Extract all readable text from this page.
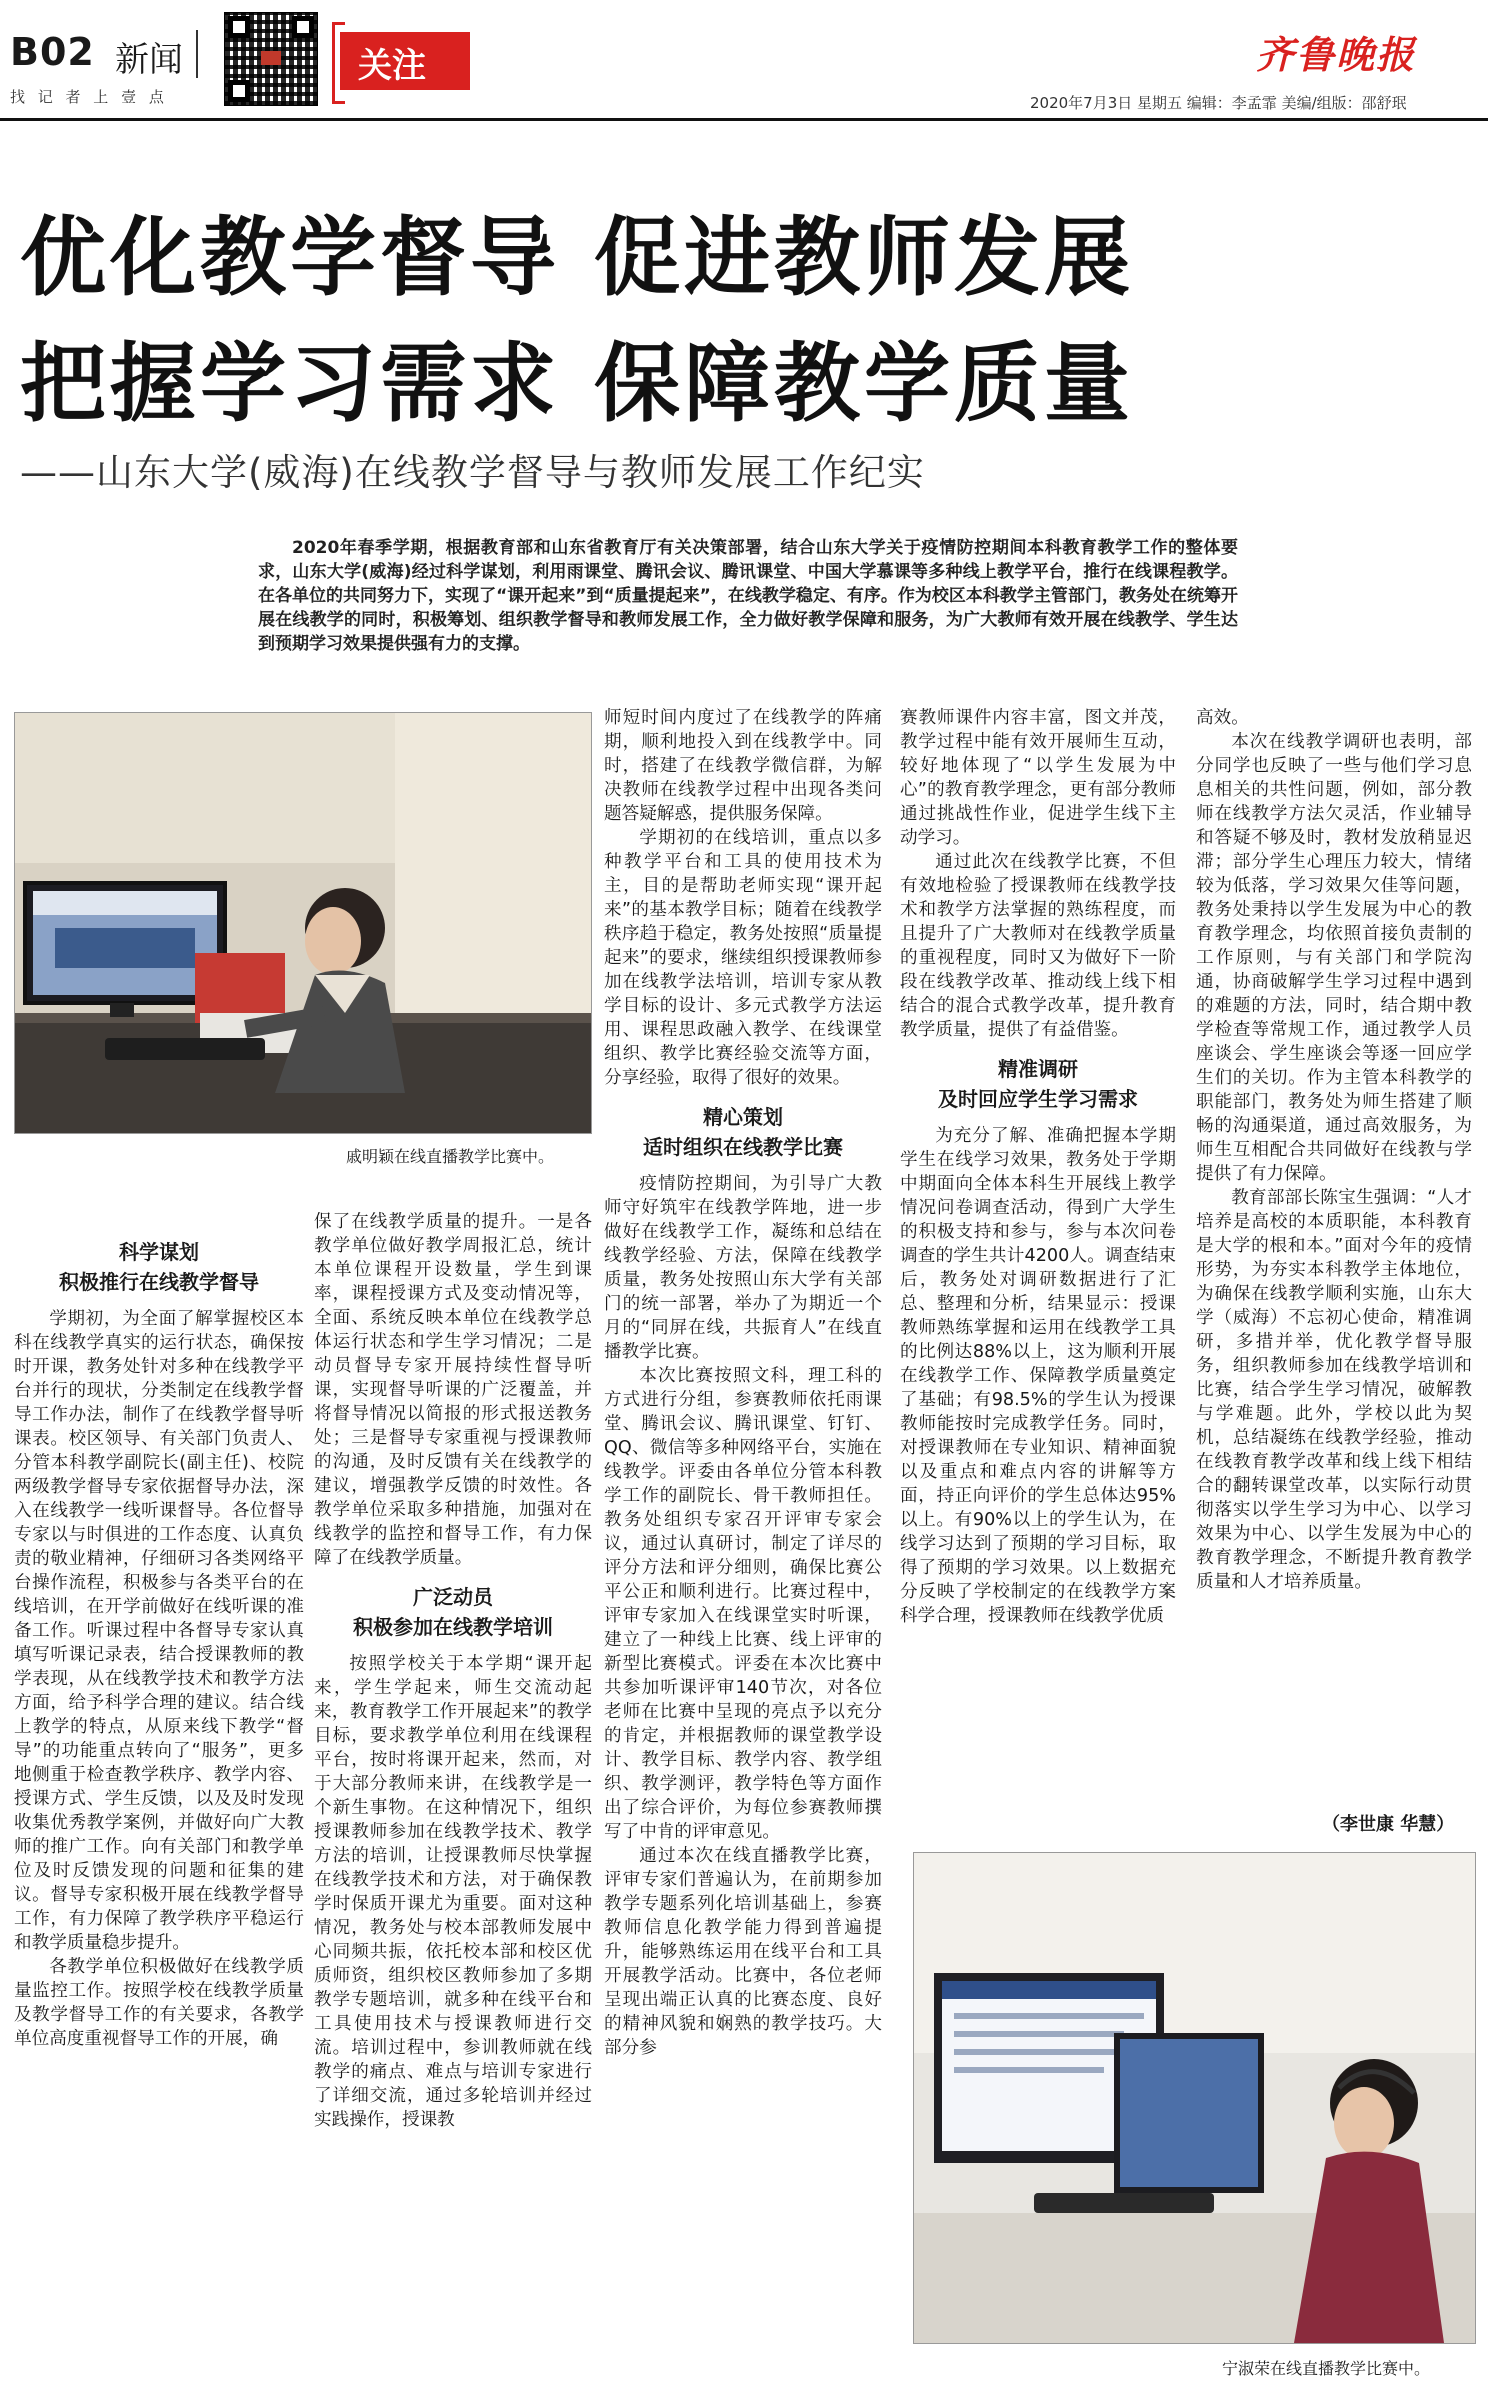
B02 新闻
找 记 者 上 壹 点
关注	齐鲁晚报
2020年7月3日 星期五 编辑：李孟霏 美编/组版：邵舒珉
优化教学督导 促进教师发展
把握学习需求 保障教学质量
——山东大学(威海)在线教学督导与教师发展工作纪实
2020年春季学期，根据教育部和山东省教育厅有关决策部署，结合山东大学关于疫情防控期间本科教育教学工作的整体要求，山东大学(威海)经过科学谋划，利用雨课堂、腾讯会议、腾讯课堂、中国大学慕课等多种线上教学平台，推行在线课程教学。在各单位的共同努力下，实现了“课开起来”到“质量提起来”，在线教学稳定、有序。作为校区本科教学主管部门，教务处在统筹开展在线教学的同时，积极筹划、组织教学督导和教师发展工作，全力做好教学保障和服务，为广大教师有效开展在线教学、学生达到预期学习效果提供强有力的支撑。
戚明颖在线直播教学比赛中。
科学谋划
积极推行在线教学督导

学期初，为全面了解掌握校区本科在线教学真实的运行状态，确保按时开课，教务处针对多种在线教学平台并行的现状，分类制定在线教学督导工作办法，制作了在线教学督导听课表。校区领导、有关部门负责人、分管本科教学副院长(副主任)、校院两级教学督导专家依据督导办法，深入在线教学一线听课督导。各位督导专家以与时俱进的工作态度、认真负责的敬业精神，仔细研习各类网络平台操作流程，积极参与各类平台的在线培训，在开学前做好在线听课的准备工作。听课过程中各督导专家认真填写听课记录表，结合授课教师的教学表现，从在线教学技术和教学方法方面，给予科学合理的建议。结合线上教学的特点，从原来线下教学“督导”的功能重点转向了“服务”，更多地侧重于检查教学秩序、教学内容、授课方式、学生反馈，以及及时发现收集优秀教学案例，并做好向广大教师的推广工作。向有关部门和教学单位及时反馈发现的问题和征集的建议。督导专家积极开展在线教学督导工作，有力保障了教学秩序平稳运行和教学质量稳步提升。

各教学单位积极做好在线教学质量监控工作。按照学校在线教学质量及教学督导工作的有关要求，各教学单位高度重视督导工作的开展，确

保了在线教学质量的提升。一是各教学单位做好教学周报汇总，统计本单位课程开设数量，学生到课率，课程授课方式及变动情况等，全面、系统反映本单位在线教学总体运行状态和学生学习情况；二是动员督导专家开展持续性督导听课，实现督导听课的广泛覆盖，并将督导情况以简报的形式报送教务处；三是督导专家重视与授课教师的沟通，及时反馈有关在线教学的建议，增强教学反馈的时效性。各教学单位采取多种措施，加强对在线教学的监控和督导工作，有力保障了在线教学质量。

广泛动员
积极参加在线教学培训

按照学校关于本学期“课开起来，学生学起来，师生交流动起来，教育教学工作开展起来”的教学目标，要求教学单位利用在线课程平台，按时将课开起来，然而，对于大部分教师来讲，在线教学是一个新生事物。在这种情况下，组织授课教师参加在线教学技术、教学方法的培训，让授课教师尽快掌握在线教学技术和方法，对于确保教学时保质开课尤为重要。面对这种情况，教务处与校本部教师发展中心同频共振，依托校本部和校区优质师资，组织校区教师参加了多期教学专题培训，就多种在线平台和工具使用技术与授课教师进行交流。培训过程中，参训教师就在线教学的痛点、难点与培训专家进行了详细交流，通过多轮培训并经过实践操作，授课教

师短时间内度过了在线教学的阵痛期，顺利地投入到在线教学中。同时，搭建了在线教学微信群，为解决教师在线教学过程中出现各类问题答疑解惑，提供服务保障。

学期初的在线培训，重点以多种教学平台和工具的使用技术为主，目的是帮助老师实现“课开起来”的基本教学目标；随着在线教学秩序趋于稳定，教务处按照“质量提起来”的要求，继续组织授课教师参加在线教学法培训，培训专家从教学目标的设计、多元式教学方法运用、课程思政融入教学、在线课堂组织、教学比赛经验交流等方面，分享经验，取得了很好的效果。

精心策划
适时组织在线教学比赛

疫情防控期间，为引导广大教师守好筑牢在线教学阵地，进一步做好在线教学工作，凝练和总结在线教学经验、方法，保障在线教学质量，教务处按照山东大学有关部门的统一部署，举办了为期近一个月的“同屏在线，共振育人”在线直播教学比赛。

本次比赛按照文科，理工科的方式进行分组，参赛教师依托雨课堂、腾讯会议、腾讯课堂、钉钉、QQ、微信等多种网络平台，实施在线教学。评委由各单位分管本科教学工作的副院长、骨干教师担任。教务处组织专家召开评审专家会议，通过认真研讨，制定了详尽的评分方法和评分细则，确保比赛公平公正和顺利进行。比赛过程中，评审专家加入在线课堂实时听课，建立了一种线上比赛、线上评审的新型比赛模式。评委在本次比赛中共参加听课评审140节次，对各位老师在比赛中呈现的亮点予以充分的肯定，并根据教师的课堂教学设计、教学目标、教学内容、教学组织、教学测评，教学特色等方面作出了综合评价，为每位参赛教师撰写了中肯的评审意见。

通过本次在线直播教学比赛，评审专家们普遍认为，在前期参加教学专题系列化培训基础上，参赛教师信息化教学能力得到普遍提升，能够熟练运用在线平台和工具开展教学活动。比赛中，各位老师呈现出端正认真的比赛态度、良好的精神风貌和娴熟的教学技巧。大部分参

赛教师课件内容丰富，图文并茂，教学过程中能有效开展师生互动，较好地体现了“以学生发展为中心”的教育教学理念，更有部分教师通过挑战性作业，促进学生线下主动学习。

通过此次在线教学比赛，不但有效地检验了授课教师在线教学技术和教学方法掌握的熟练程度，而且提升了广大教师对在线教学质量的重视程度，同时又为做好下一阶段在线教学改革、推动线上线下相结合的混合式教学改革，提升教育教学质量，提供了有益借鉴。

精准调研
及时回应学生学习需求

为充分了解、准确把握本学期学生在线学习效果，教务处于学期中期面向全体本科生开展线上教学情况问卷调查活动，得到广大学生的积极支持和参与，参与本次问卷调查的学生共计4200人。调查结束后，教务处对调研数据进行了汇总、整理和分析，结果显示：授课教师熟练掌握和运用在线教学工具的比例达88%以上，这为顺利开展在线教学工作、保障教学质量奠定了基础；有98.5%的学生认为授课教师能按时完成教学任务。同时，对授课教师在专业知识、精神面貌以及重点和难点内容的讲解等方面，持正向评价的学生总体达95%以上。有90%以上的学生认为，在线学习达到了预期的学习目标，取得了预期的学习效果。以上数据充分反映了学校制定的在线教学方案科学合理，授课教师在线教学优质

高效。

本次在线教学调研也表明，部分同学也反映了一些与他们学习息息相关的共性问题，例如，部分教师在线教学方法欠灵活，作业辅导和答疑不够及时，教材发放稍显迟滞；部分学生心理压力较大，情绪较为低落，学习效果欠佳等问题，教务处秉持以学生发展为中心的教育教学理念，均依照首接负责制的工作原则，与有关部门和学院沟通，协商破解学生学习过程中遇到的难题的方法，同时，结合期中教学检查等常规工作，通过教学人员座谈会、学生座谈会等逐一回应学生们的关切。作为主管本科教学的职能部门，教务处为师生搭建了顺畅的沟通渠道，通过高效服务，为师生互相配合共同做好在线教与学提供了有力保障。

教育部部长陈宝生强调：“人才培养是高校的本质职能，本科教育是大学的根和本。”面对今年的疫情形势，为夯实本科教学主体地位，为确保在线教学顺利实施，山东大学（威海）不忘初心使命，精准调研，多措并举，优化教学督导服务，组织教师参加在线教学培训和比赛，结合学生学习情况，破解教与学难题。此外，学校以此为契机，总结凝练在线教学经验，推动在线教育教学改革和线上线下相结合的翻转课堂改革，以实际行动贯彻落实以学生学习为中心、以学习效果为中心、以学生发展为中心的教育教学理念，不断提升教育教学质量和人才培养质量。

（李世康 华慧）
宁淑荣在线直播教学比赛中。
